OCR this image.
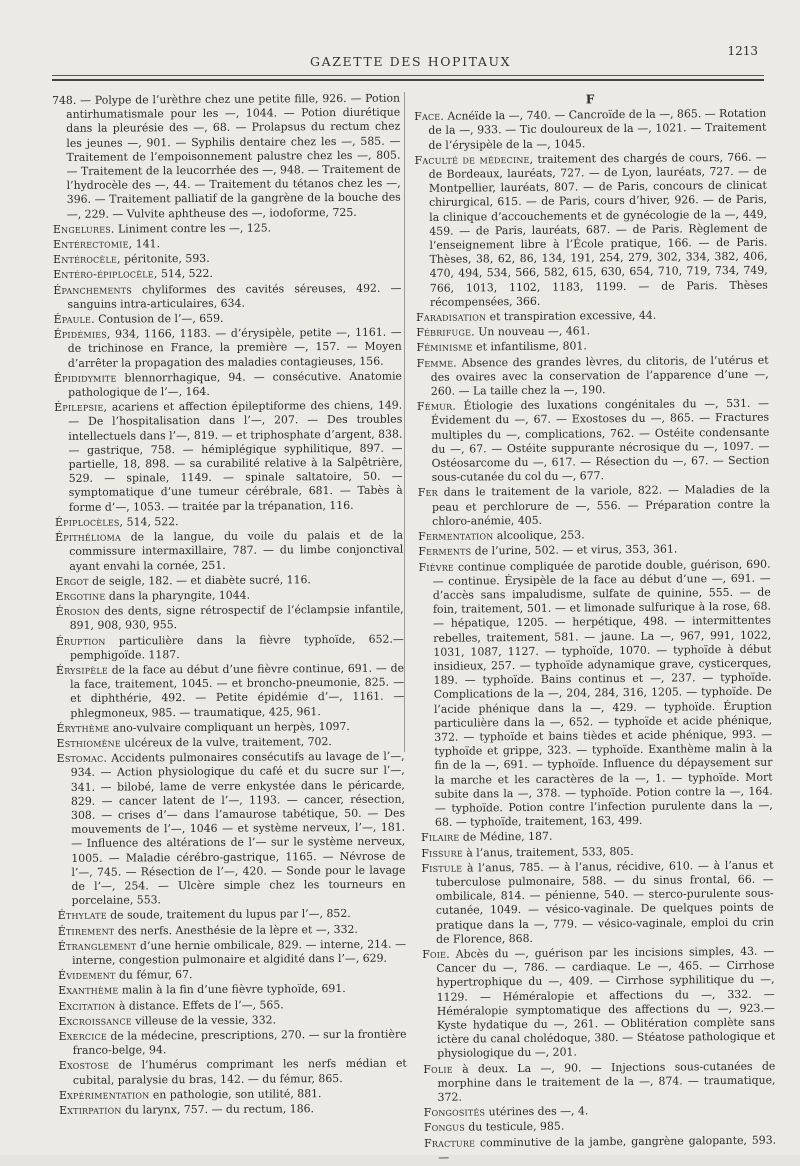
GAZETTE DES HOPITAUX
1213

748. — Polype de l’urèthre chez une petite fille, 926. — Potion antirhumatismale pour les —, 1044. — Potion diurétique dans la pleurésie des —, 68. — Prolapsus du rectum chez les jeunes —, 901. — Syphilis dentaire chez les —, 585. — Traitement de l’empoisonnement palustre chez les —, 805. — Traitement de la leucorrhée des —, 948. — Traitement de l’hydrocèle des —, 44. — Traitement du tétanos chez les —, 396. — Traitement palliatif de la gangrène de la bouche des —, 229. — Vulvite aphtheuse des —, iodoforme, 725.

Engelures. Liniment contre les —, 125.

Entérectomie, 141.

Entérocèle, péritonite, 593.

Entéro-épiplocèle, 514, 522.

Épanchements chyliformes des cavités séreuses, 492. — sanguins intra-articulaires, 634.

Épaule. Contusion de l’—, 659.

Épidémies, 934, 1166, 1183. — d’érysipèle, petite —, 1161. — de trichinose en France, la première —, 157. — Moyen d’arrêter la propagation des maladies contagieuses, 156.

Épididymite blennorrhagique, 94. — consécutive. Anatomie pathologique de l’—, 164.

Épilepsie, acariens et affection épileptiforme des chiens, 149. — De l’hospitalisation dans l’—, 207. — Des troubles intellectuels dans l’—, 819. — et triphosphate d’argent, 838. — gastrique, 758. — hémiplégique syphilitique, 897. — partielle, 18, 898. — sa curabilité relative à la Salpêtrière, 529. — spinale, 1149. — spinale saltatoire, 50. — symptomatique d’une tumeur cérébrale, 681. — Tabès à forme d’—, 1053. — traitée par la trépanation, 116.

Épiplocèles, 514, 522.

Épithélioma de la langue, du voile du palais et de la commissure intermaxillaire, 787. — du limbe conjonctival ayant envahi la cornée, 251.

Ergot de seigle, 182. — et diabète sucré, 116.

Ergotine dans la pharyngite, 1044.

Érosion des dents, signe rétrospectif de l’éclampsie infantile, 891, 908, 930, 955.

Éruption particulière dans la fièvre typhoïde, 652.— pemphigoïde. 1187.

Érysipèle de la face au début d’une fièvre continue, 691. — de la face, traitement, 1045. — et broncho-pneumonie, 825. — et diphthérie, 492. — Petite épidémie d’—, 1161. — phlegmoneux, 985. — traumatique, 425, 961.

Érythème ano-vulvaire compliquant un herpès, 1097.

Esthiomène ulcéreux de la vulve, traitement, 702.

Estomac. Accidents pulmonaires consécutifs au lavage de l’—, 934. — Action physiologique du café et du sucre sur l’—, 341. — bilobé, lame de verre enkystée dans le péricarde, 829. — cancer latent de l’—, 1193. — cancer, résection, 308. — crises d’— dans l’amaurose tabétique, 50. — Des mouvements de l’—, 1046 — et système nerveux, l’—, 181. — Influence des altérations de l’— sur le système nerveux, 1005. — Maladie cérébro-gastrique, 1165. — Névrose de l’—, 745. — Résection de l’—, 420. — Sonde pour le lavage de l’—, 254. — Ulcère simple chez les tourneurs en porcelaine, 553.

Éthylate de soude, traitement du lupus par l’—, 852.

Étirement des nerfs. Anesthésie de la lèpre et —, 332.

Étranglement d’une hernie ombilicale, 829. — interne, 214. — interne, congestion pulmonaire et algidité dans l’—, 629.

Évidement du fémur, 67.

Exanthème malin à la fin d’une fièvre typhoïde, 691.

Excitation à distance. Effets de l’—, 565.

Excroissance villeuse de la vessie, 332.

Exercice de la médecine, prescriptions, 270. — sur la frontière franco-belge, 94.

Exostose de l’humérus comprimant les nerfs médian et cubital, paralysie du bras, 142. — du fémur, 865.

Expérimentation en pathologie, son utilité, 881.

Extirpation du larynx, 757. — du rectum, 186.

F

Face. Acnéïde la —, 740. — Cancroïde de la —, 865. — Rotation de la —, 933. — Tic douloureux de la —, 1021. — Traitement de l’érysipèle de la —, 1045.

Faculté de médecine, traitement des chargés de cours, 766. — de Bordeaux, lauréats, 727. — de Lyon, lauréats, 727. — de Montpellier, lauréats, 807. — de Paris, concours de clinicat chirurgical, 615. — de Paris, cours d’hiver, 926. — de Paris, la clinique d’accouchements et de gynécologie de la —, 449, 459. — de Paris, lauréats, 687. — de Paris. Règlement de l’enseignement libre à l’École pratique, 166. — de Paris. Thèses, 38, 62, 86, 134, 191, 254, 279, 302, 334, 382, 406, 470, 494, 534, 566, 582, 615, 630, 654, 710, 719, 734, 749, 766, 1013, 1102, 1183, 1199. — de Paris. Thèses récompensées, 366.

Faradisation et transpiration excessive, 44.

Fébrifuge. Un nouveau —, 461.

Féminisme et infantilisme, 801.

Femme. Absence des grandes lèvres, du clitoris, de l’utérus et des ovaires avec la conservation de l’apparence d’une —, 260. — La taille chez la —, 190.

Fémur. Étiologie des luxations congénitales du —, 531. — Évidement du —, 67. — Exostoses du —, 865. — Fractures multiples du —, complications, 762. — Ostéite condensante du —, 67. — Ostéite suppurante nécrosique du —, 1097. — Ostéosarcome du —, 617. — Résection du —, 67. — Section sous-cutanée du col du —, 677.

Fer dans le traitement de la variole, 822. — Maladies de la peau et perchlorure de —, 556. — Préparation contre la chloro-anémie, 405.

Fermentation alcoolique, 253.

Ferments de l’urine, 502. — et virus, 353, 361.

Fièvre continue compliquée de parotide double, guérison, 690. — continue. Érysipèle de la face au début d’une —, 691. — d’accès sans impaludisme, sulfate de quinine, 555. — de foin, traitement, 501. — et limonade sulfurique à la rose, 68. — hépatique, 1205. — herpétique, 498. — intermittentes rebelles, traitement, 581. — jaune. La —, 967, 991, 1022, 1031, 1087, 1127. — typhoïde, 1070. — typhoïde à début insidieux, 257. — typhoïde adynamique grave, cysticerques, 189. — typhoïde. Bains continus et —, 237. — typhoïde. Complications de la —, 204, 284, 316, 1205. — typhoïde. De l’acide phénique dans la —, 429. — typhoïde. Éruption particulière dans la —, 652. — typhoïde et acide phénique, 372. — typhoïde et bains tièdes et acide phénique, 993. — typhoïde et grippe, 323. — typhoïde. Exanthème malin à la fin de la —, 691. — typhoïde. Influence du dépaysement sur la marche et les caractères de la —, 1. — typhoïde. Mort subite dans la —, 378. — typhoïde. Potion contre la —, 164. — typhoïde. Potion contre l’infection purulente dans la —, 68. — typhoïde, traitement, 163, 499.

Filaire de Médine, 187.

Fissure à l’anus, traitement, 533, 805.

Fistule à l’anus, 785. — à l’anus, récidive, 610. — à l’anus et tuberculose pulmonaire, 588. — du sinus frontal, 66. — ombilicale, 814. — pénienne, 540. — sterco-purulente sous-cutanée, 1049. — vésico-vaginale. De quelques points de pratique dans la —, 779. — vésico-vaginale, emploi du crin de Florence, 868.

Foie. Abcès du —, guérison par les incisions simples, 43. — Cancer du —, 786. — cardiaque. Le —, 465. — Cirrhose hypertrophique du —, 409. — Cirrhose syphilitique du —, 1129. — Héméralopie et affections du —, 332. — Héméralopie symptomatique des affections du —, 923.— Kyste hydatique du —, 261. — Oblitération complète sans ictère du canal cholédoque, 380. — Stéatose pathologique et physiologique du —, 201.

Folie à deux. La —, 90. — Injections sous-cutanées de morphine dans le traitement de la —, 874. — traumatique, 372.

Fongosités utérines des —, 4.

Fongus du testicule, 985.

Fracture comminutive de la jambe, gangrène galopante, 593. —
